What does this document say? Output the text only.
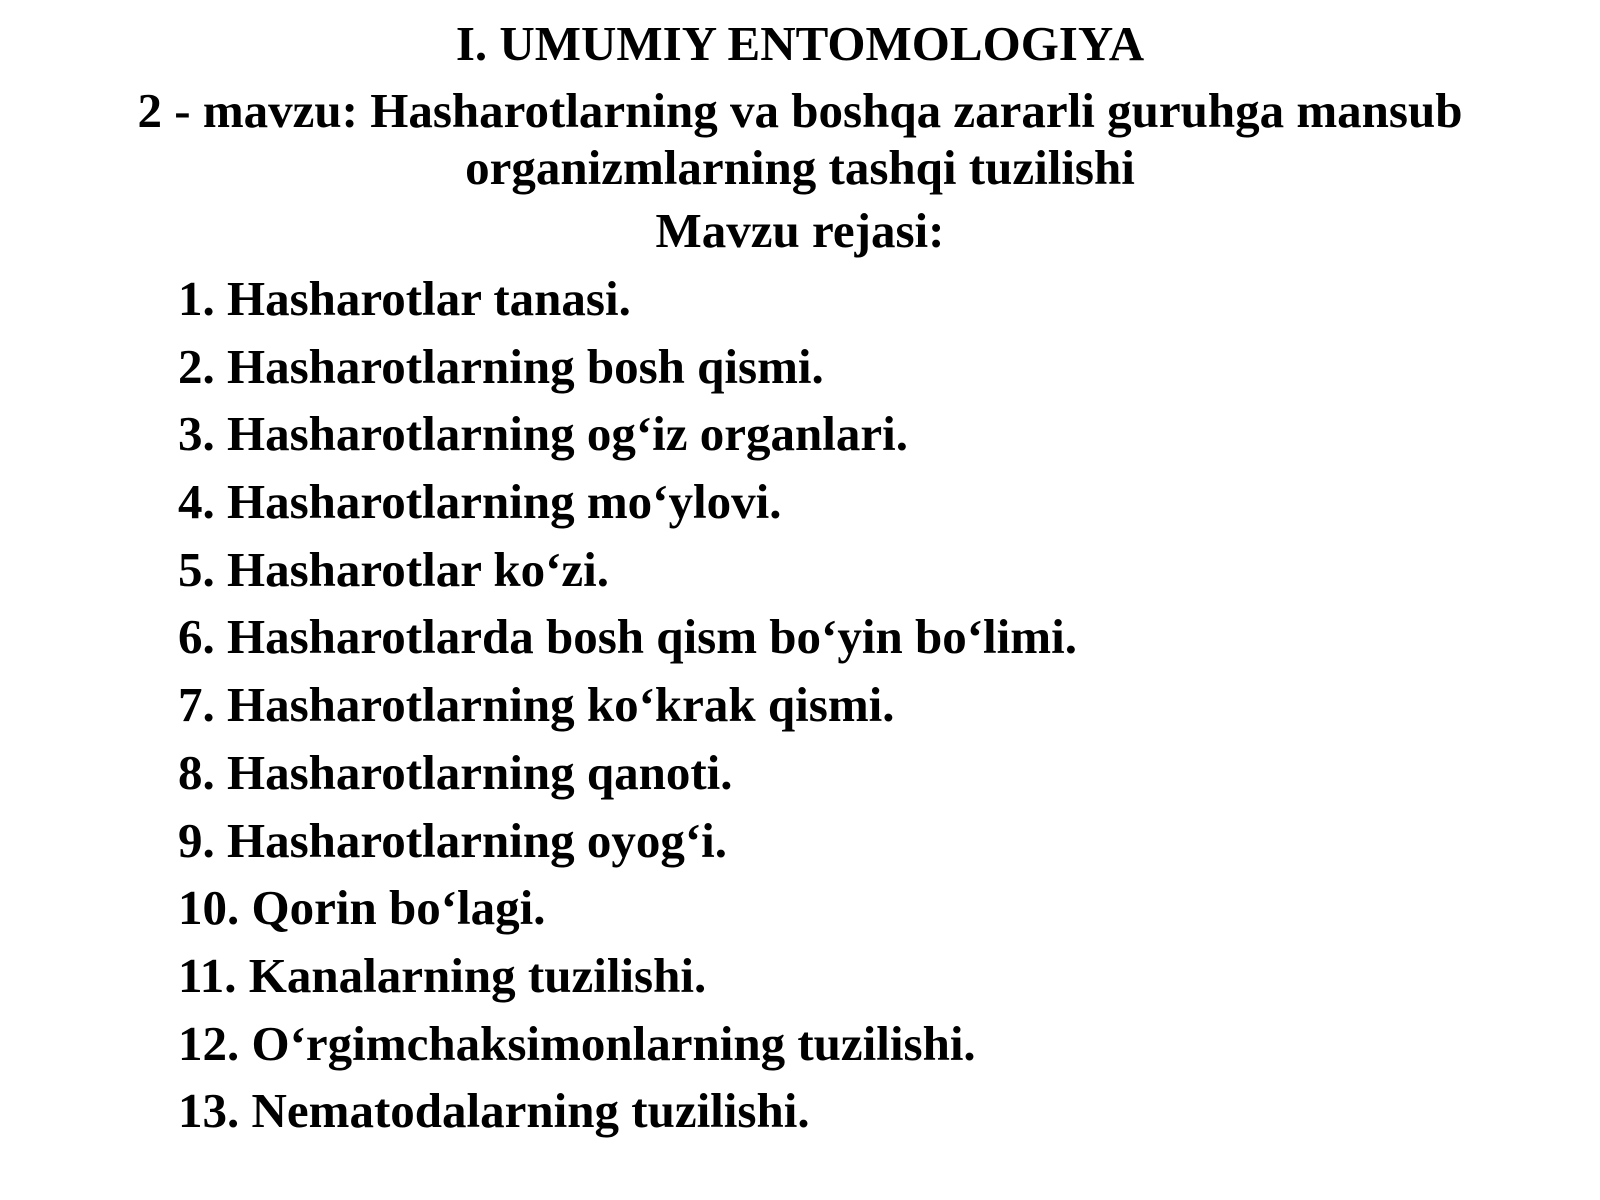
I. UMUMIY ENTOMOLOGIYA
2 - mavzu: Hasharotlarning va boshqa zararli guruhga mansub
organizmlarning tashqi tuzilishi
Mavzu rejasi:
1. Hasharotlar tanasi.
2. Hasharotlarning bosh qismi.
3. Hasharotlarning og‘iz organlari.
4. Hasharotlarning mo‘ylovi.
5. Hasharotlar ko‘zi.
6. Hasharotlarda bosh qism bo‘yin bo‘limi.
7. Hasharotlarning ko‘krak qismi.
8. Hasharotlarning qanoti.
9. Hasharotlarning oyog‘i.
10. Qorin bo‘lagi.
11. Kanalarning tuzilishi.
12. O‘rgimchaksimonlarning tuzilishi.
13. Nematodalarning tuzilishi.
